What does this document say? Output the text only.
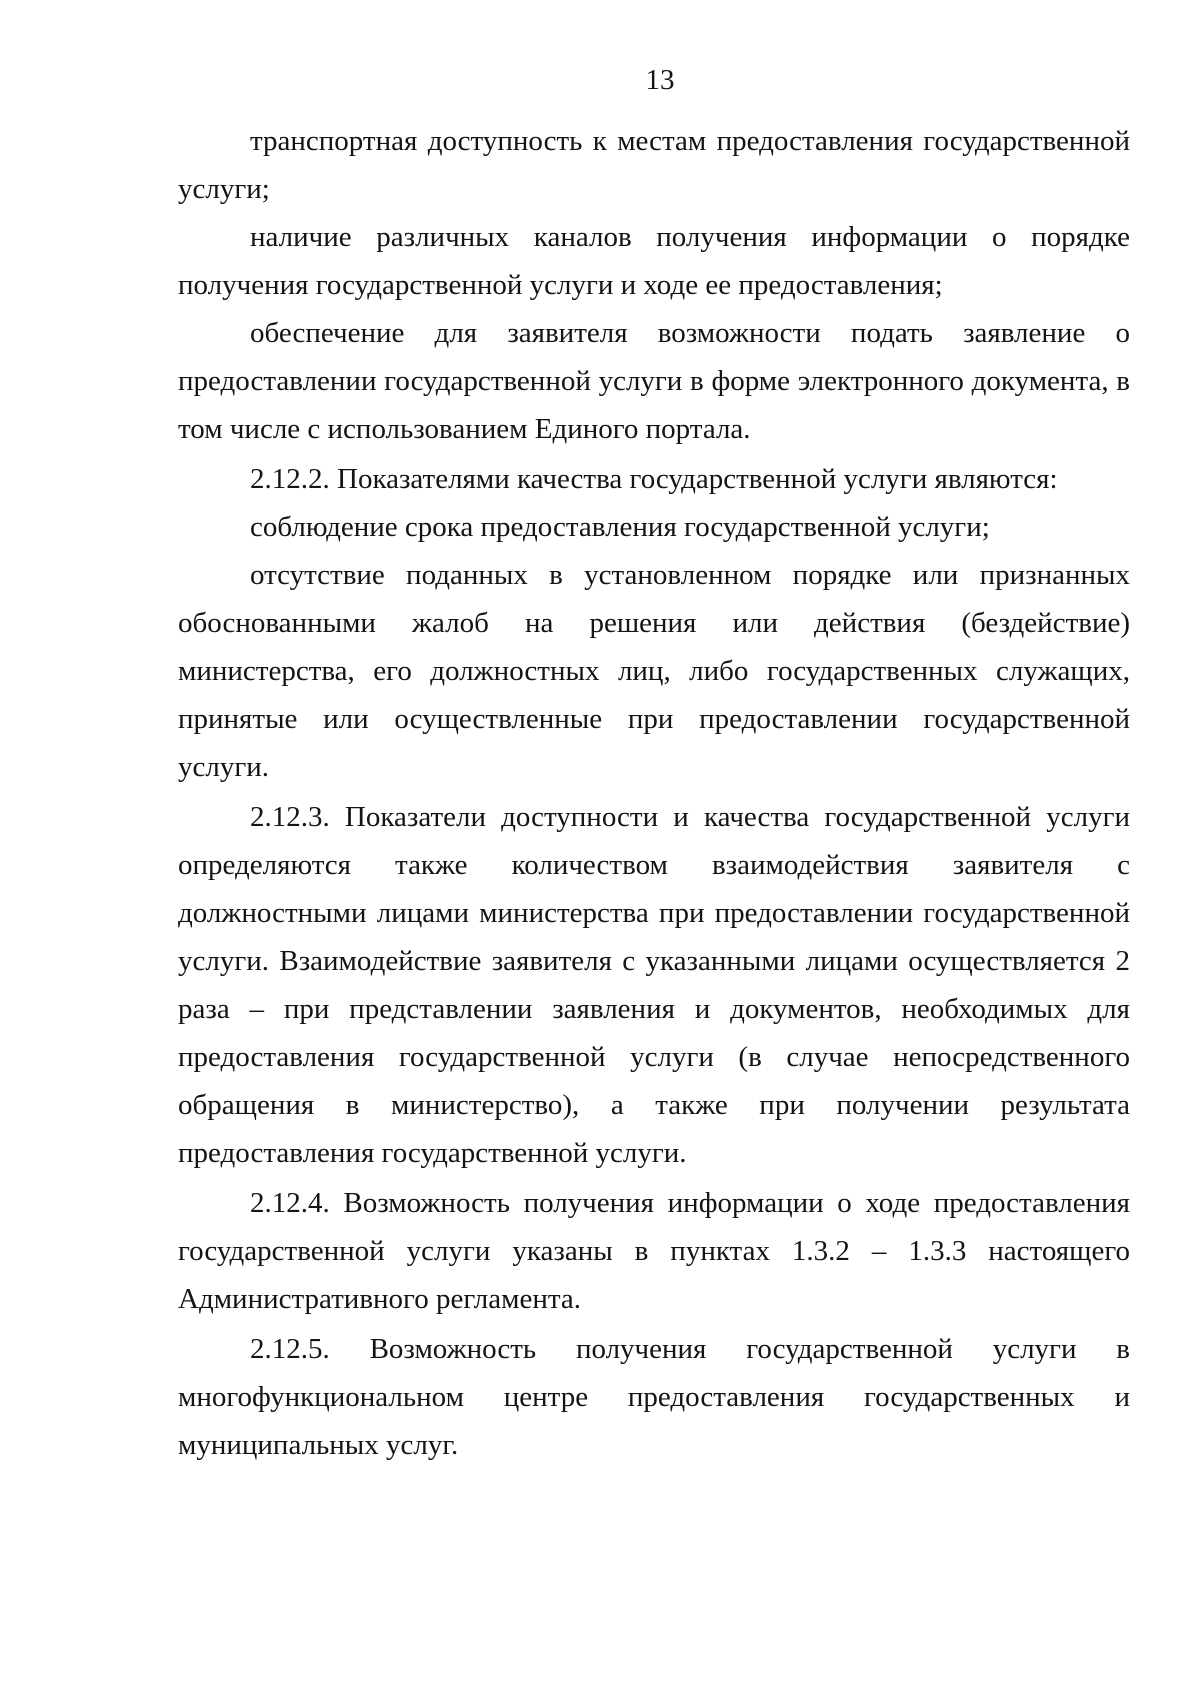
13

транспортная доступность к местам предоставления государственной услуги;

наличие различных каналов получения информации о порядке получения государственной услуги и ходе ее предоставления;

обеспечение для заявителя возможности подать заявление о предоставлении государственной услуги в форме электронного документа, в том числе с использованием Единого портала.

2.12.2. Показателями качества государственной услуги являются:

соблюдение срока предоставления государственной услуги;

отсутствие поданных в установленном порядке или признанных обоснованными жалоб на решения или действия (бездействие) министерства, его должностных лиц, либо государственных служащих, принятые или осуществленные при предоставлении государственной услуги.

2.12.3. Показатели доступности и качества государственной услуги определяются также количеством взаимодействия заявителя с должностными лицами министерства при предоставлении государственной услуги. Взаимодействие заявителя с указанными лицами осуществляется 2 раза – при представлении заявления и документов, необходимых для предоставления государственной услуги (в случае непосредственного обращения в министерство), а также при получении результата предоставления государственной услуги.

2.12.4. Возможность получения информации о ходе предоставления государственной услуги указаны в пунктах 1.3.2 – 1.3.3 настоящего Административного регламента.

2.12.5. Возможность получения государственной услуги в многофункциональном центре предоставления государственных и муниципальных услуг.
